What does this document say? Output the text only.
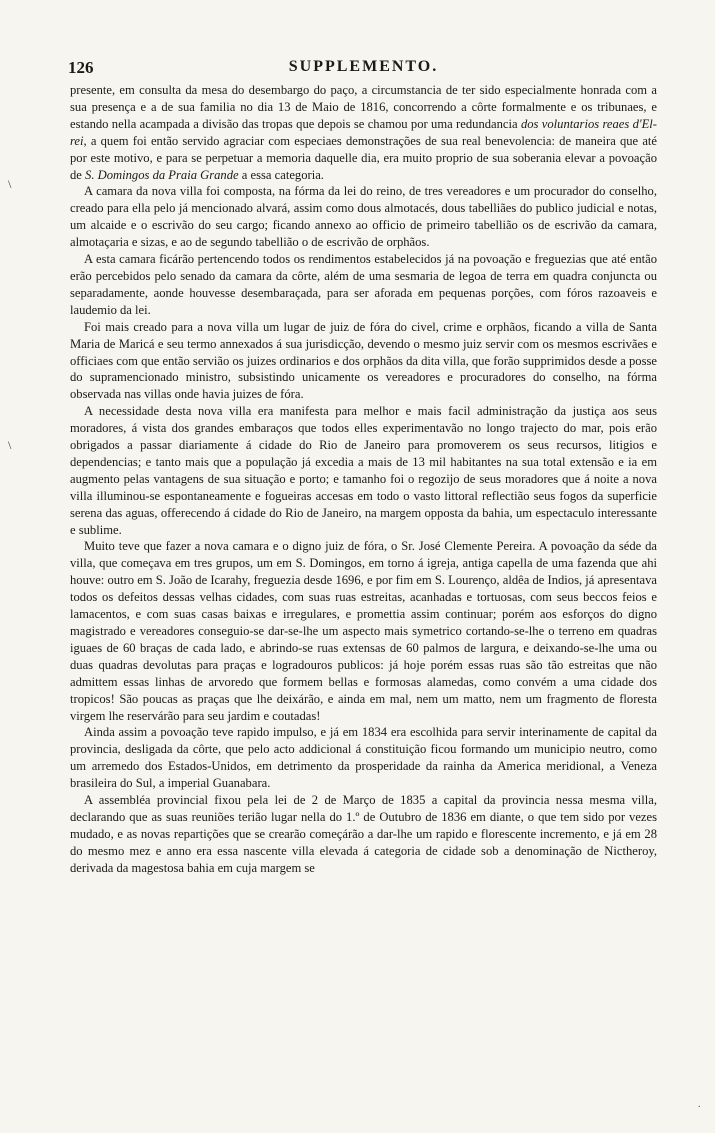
\
\
·
126	SUPPLEMENTO.

presente, em consulta da mesa do desembargo do paço, a circumstancia de ter sido especialmente honrada com a sua presença e a de sua familia no dia 13 de Maio de 1816, concorrendo a côrte formalmente e os tribunaes, e estando nella acampada a divisão das tropas que depois se chamou por uma redundancia dos voluntarios reaes d'El-rei, a quem foi então servido agraciar com especiaes demonstrações de sua real benevolencia: de maneira que até por este motivo, e para se perpetuar a memoria daquelle dia, era muito proprio de sua soberania elevar a povoação de S. Domingos da Praia Grande a essa categoria.

A camara da nova villa foi composta, na fórma da lei do reino, de tres vereadores e um procurador do conselho, creado para ella pelo já mencionado alvará, assim como dous almotacés, dous tabelliães do publico judicial e notas, um alcaide e o escrivão do seu cargo; ficando annexo ao officio de primeiro tabellião os de escrivão da camara, almotaçaria e sizas, e ao de segundo tabellião o de escrivão de orphãos.

A esta camara ficárão pertencendo todos os rendimentos estabelecidos já na povoação e freguezias que até então erão percebidos pelo senado da camara da côrte, além de uma sesmaria de legoa de terra em quadra conjuncta ou separadamente, aonde houvesse desembaraçada, para ser aforada em pequenas porções, com fóros razoaveis e laudemio da lei.

Foi mais creado para a nova villa um lugar de juiz de fóra do civel, crime e orphãos, ficando a villa de Santa Maria de Maricá e seu termo annexados á sua jurisdicção, devendo o mesmo juiz servir com os mesmos escrivães e officiaes com que então servião os juizes ordinarios e dos orphãos da dita villa, que forão supprimidos desde a posse do supramencionado ministro, subsistindo unicamente os vereadores e procuradores do conselho, na fórma observada nas villas onde havia juizes de fóra.

A necessidade desta nova villa era manifesta para melhor e mais facil administração da justiça aos seus moradores, á vista dos grandes embaraços que todos elles experimentavão no longo trajecto do mar, pois erão obrigados a passar diariamente á cidade do Rio de Janeiro para promoverem os seus recursos, litigios e dependencias; e tanto mais que a população já excedia a mais de 13 mil habitantes na sua total extensão e ia em augmento pelas vantagens de sua situação e porto; e tamanho foi o regozijo de seus moradores que á noite a nova villa illuminou-se espontaneamente e fogueiras accesas em todo o vasto littoral reflectião seus fogos da superficie serena das aguas, offerecendo á cidade do Rio de Janeiro, na margem opposta da bahia, um espectaculo interessante e sublime.

Muito teve que fazer a nova camara e o digno juiz de fóra, o Sr. José Clemente Pereira. A povoação da séde da villa, que começava em tres grupos, um em S. Domingos, em torno á igreja, antiga capella de uma fazenda que ahi houve: outro em S. João de Icarahy, freguezia desde 1696, e por fim em S. Lourenço, aldêa de Indios, já apresentava todos os defeitos dessas velhas cidades, com suas ruas estreitas, acanhadas e tortuosas, com seus beccos feios e lamacentos, e com suas casas baixas e irregulares, e promettia assim continuar; porém aos esforços do digno magistrado e vereadores conseguio-se dar-se-lhe um aspecto mais symetrico cortando-se-lhe o terreno em quadras iguaes de 60 braças de cada lado, e abrindo-se ruas extensas de 60 palmos de largura, e deixando-se-lhe uma ou duas quadras devolutas para praças e logradouros publicos: já hoje porém essas ruas são tão estreitas que não admittem essas linhas de arvoredo que formem bellas e formosas alamedas, como convém a uma cidade dos tropicos! São poucas as praças que lhe deixárão, e ainda em mal, nem um matto, nem um fragmento de floresta virgem lhe reservárão para seu jardim e coutadas!

Ainda assim a povoação teve rapido impulso, e já em 1834 era escolhida para servir interinamente de capital da provincia, desligada da côrte, que pelo acto addicional á constituição ficou formando um municipio neutro, como um arremedo dos Estados-Unidos, em detrimento da prosperidade da rainha da America meridional, a Veneza brasileira do Sul, a imperial Guanabara.

A assembléa provincial fixou pela lei de 2 de Março de 1835 a capital da provincia nessa mesma villa, declarando que as suas reuniões terião lugar nella do 1.º de Outubro de 1836 em diante, o que tem sido por vezes mudado, e as novas repartições que se crearão começárão a dar-lhe um rapido e florescente incremento, e já em 28 do mesmo mez e anno era essa nascente villa elevada á categoria de cidade sob a denominação de Nictheroy, derivada da magestosa bahia em cuja margem se
